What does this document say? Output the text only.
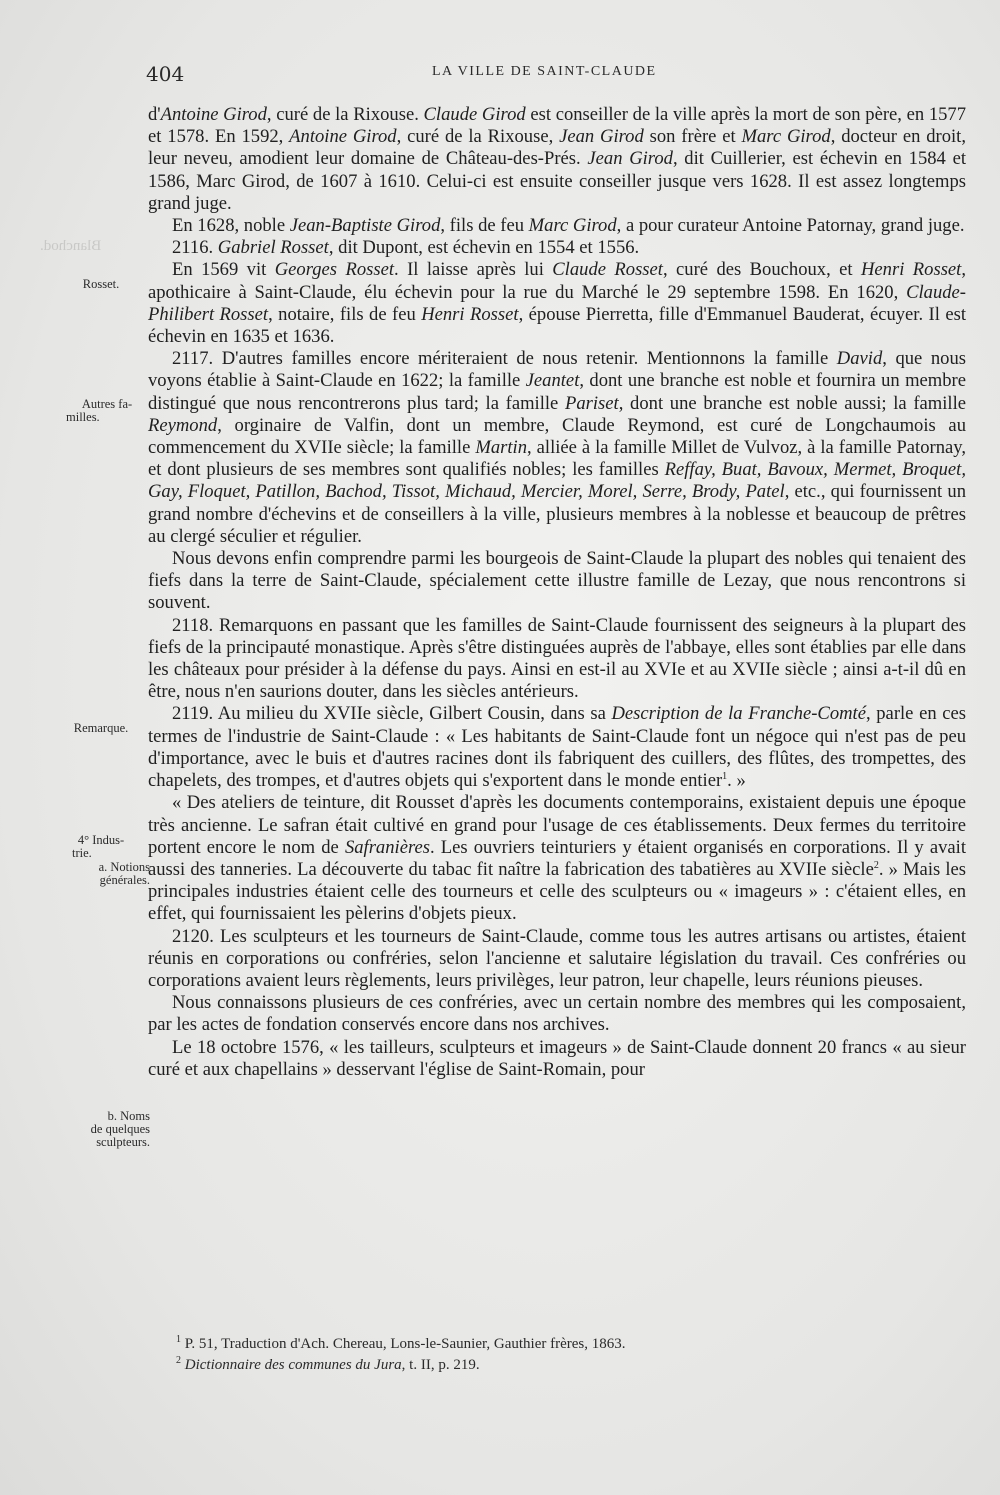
404	LA VILLE DE SAINT-CLAUDE
Rosset.
Autres fa-
milles.
Remarque.
4° Indus-
trie.
a. Notions
générales.
b. Noms
de quelques
sculpteurs.
Blanchod.

d'Antoine Girod, curé de la Rixouse. Claude Girod est conseiller de la ville après la mort de son père, en 1577 et 1578. En 1592, Antoine Girod, curé de la Rixouse, Jean Girod son frère et Marc Girod, docteur en droit, leur neveu, amodient leur domaine de Château-des-Prés. Jean Girod, dit Cuillerier, est échevin en 1584 et 1586, Marc Girod, de 1607 à 1610. Celui-ci est ensuite conseiller jusque vers 1628. Il est assez longtemps grand juge.

En 1628, noble Jean-Baptiste Girod, fils de feu Marc Girod, a pour curateur Antoine Patornay, grand juge.

2116. Gabriel Rosset, dit Dupont, est échevin en 1554 et 1556.

En 1569 vit Georges Rosset. Il laisse après lui Claude Rosset, curé des Bouchoux, et Henri Rosset, apothicaire à Saint-Claude, élu échevin pour la rue du Marché le 29 septembre 1598. En 1620, Claude-Philibert Rosset, notaire, fils de feu Henri Rosset, épouse Pierretta, fille d'Emmanuel Bauderat, écuyer. Il est échevin en 1635 et 1636.

2117. D'autres familles encore mériteraient de nous retenir. Mentionnons la famille David, que nous voyons établie à Saint-Claude en 1622; la famille Jeantet, dont une branche est noble et fournira un membre distingué que nous rencontrerons plus tard; la famille Pariset, dont une branche est noble aussi; la famille Reymond, orginaire de Valfin, dont un membre, Claude Reymond, est curé de Longchaumois au commencement du XVIIe siècle; la famille Martin, alliée à la famille Millet de Vulvoz, à la famille Patornay, et dont plusieurs de ses membres sont qualifiés nobles; les familles Reffay, Buat, Bavoux, Mermet, Broquet, Gay, Floquet, Patillon, Bachod, Tissot, Michaud, Mercier, Morel, Serre, Brody, Patel, etc., qui fournissent un grand nombre d'échevins et de conseillers à la ville, plusieurs membres à la noblesse et beaucoup de prêtres au clergé séculier et régulier.

Nous devons enfin comprendre parmi les bourgeois de Saint-Claude la plupart des nobles qui tenaient des fiefs dans la terre de Saint-Claude, spécialement cette illustre famille de Lezay, que nous rencontrons si souvent.

2118. Remarquons en passant que les familles de Saint-Claude fournissent des seigneurs à la plupart des fiefs de la principauté monastique. Après s'être distinguées auprès de l'abbaye, elles sont établies par elle dans les châteaux pour présider à la défense du pays. Ainsi en est-il au XVIe et au XVIIe siècle ; ainsi a-t-il dû en être, nous n'en saurions douter, dans les siècles antérieurs.

2119. Au milieu du XVIIe siècle, Gilbert Cousin, dans sa Description de la Franche-Comté, parle en ces termes de l'industrie de Saint-Claude : « Les habitants de Saint-Claude font un négoce qui n'est pas de peu d'importance, avec le buis et d'autres racines dont ils fabriquent des cuillers, des flûtes, des trompettes, des chapelets, des trompes, et d'autres objets qui s'exportent dans le monde entier$^1$. »

« Des ateliers de teinture, dit Rousset d'après les documents contemporains, existaient depuis une époque très ancienne. Le safran était cultivé en grand pour l'usage de ces établissements. Deux fermes du territoire portent encore le nom de Safranières. Les ouvriers teinturiers y étaient organisés en corporations. Il y avait aussi des tanneries. La découverte du tabac fit naître la fabrication des tabatières au XVIIe siècle$^2$. » Mais les principales industries étaient celle des tourneurs et celle des sculpteurs ou « imageurs » : c'étaient elles, en effet, qui fournissaient les pèlerins d'objets pieux.

2120. Les sculpteurs et les tourneurs de Saint-Claude, comme tous les autres artisans ou artistes, étaient réunis en corporations ou confréries, selon l'ancienne et salutaire législation du travail. Ces confréries ou corporations avaient leurs règlements, leurs privilèges, leur patron, leur chapelle, leurs réunions pieuses.

Nous connaissons plusieurs de ces confréries, avec un certain nombre des membres qui les composaient, par les actes de fondation conservés encore dans nos archives.

Le 18 octobre 1576, « les tailleurs, sculpteurs et imageurs » de Saint-Claude donnent 20 francs « au sieur curé et aux chapellains » desservant l'église de Saint-Romain, pour

$^1$ P. 51, Traduction d'Ach. Chereau, Lons-le-Saunier, Gauthier frères, 1863.

$^2$ Dictionnaire des communes du Jura, t. II, p. 219.
